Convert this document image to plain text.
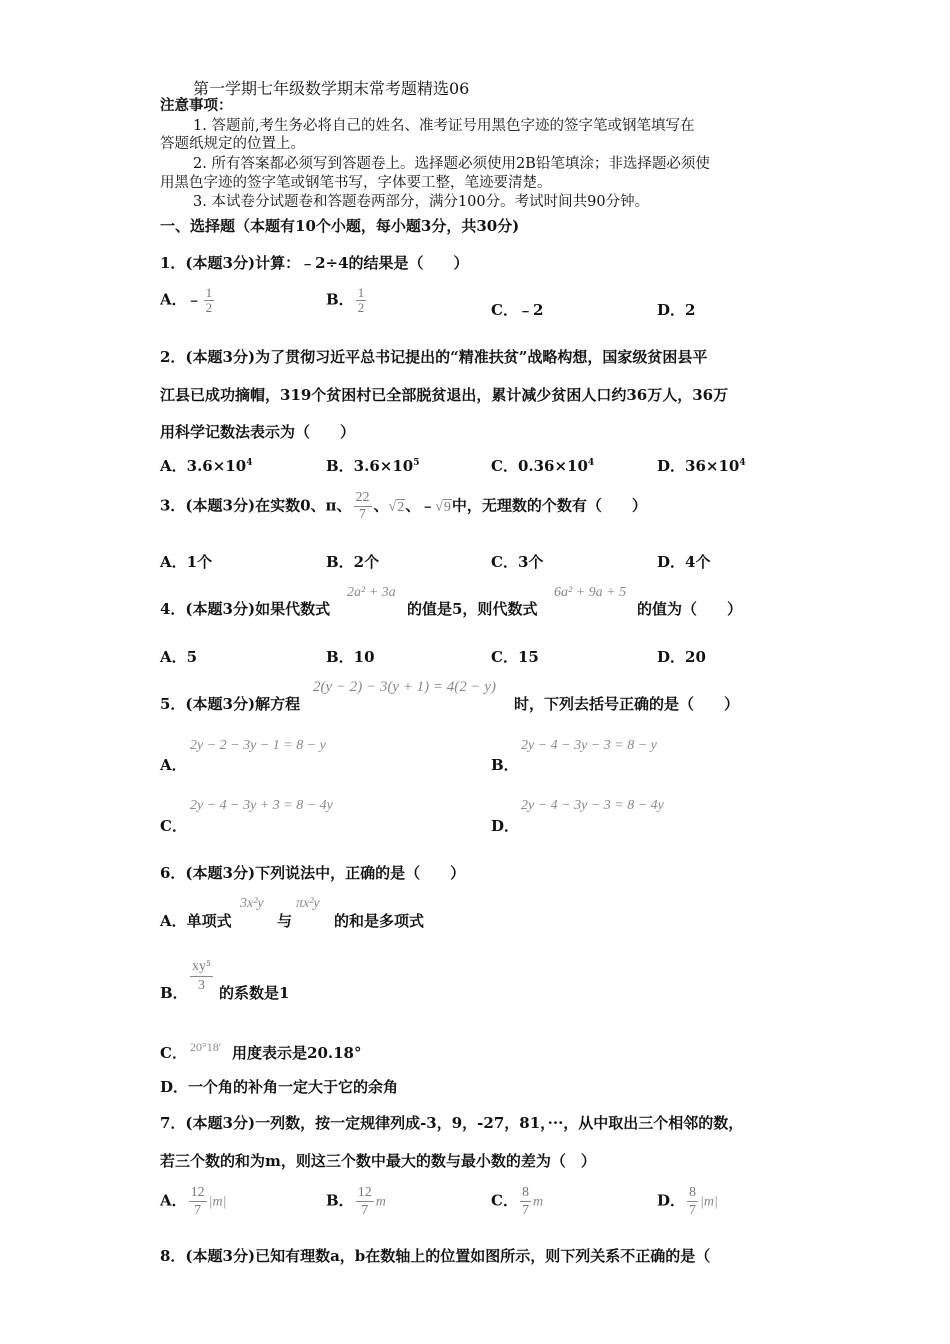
第一学期七年级数学期末常考题精选06
注意事项：
1. 答题前,考生务必将自己的姓名、准考证号用黑色字迹的签字笔或钢笔填写在
答题纸规定的位置上。
2. 所有答案都必须写到答题卷上。选择题必须使用2B铅笔填涂；非选择题必须使
用黑色字迹的签字笔或钢笔书写，字体要工整，笔迹要清楚。
3. 本试卷分试题卷和答题卷两部分，满分100分。考试时间共90分钟。
一、选择题（本题有10个小题，每小题3分，共30分)
1．(本题3分)计算：﹣2÷4的结果是（　　）
A．﹣ $\frac{1}{2}$	B． $\frac{1}{2}$	C．﹣2	D．2
2．(本题3分)为了贯彻习近平总书记提出的“精准扶贫”战略构想，国家级贫困县平
江县已成功摘帽，319个贫困村已全部脱贫退出，累计减少贫困人口约36万人，36万
用科学记数法表示为（　　）
A．$3.6\times 10^4$	B．$3.6\times 10^5$	C．$0.36\times 10^4$	D．$36\times 10^4$
3．(本题3分)在实数0、π、 $\frac{22}{7}$ 、√2、﹣√9中，无理数的个数有（　　）
A．1个	B．2个	C．3个	D．4个
4．(本题3分)如果代数式
2a² + 3a
的值是5，则代数式
6a² + 9a + 5
的值为（　　）
A．5	B．10	C．15	D．20
5．(本题3分)解方程
2(y − 2) − 3(y + 1) = 4(2 − y)
时，下列去括号正确的是（　　）
A．
2y − 2 − 3y − 1 = 8 − y
B．
2y − 4 − 3y − 3 = 8 − y
C．
2y − 4 − 3y + 3 = 8 − 4y
D．
2y − 4 − 3y − 3 = 8 − 4y
6．(本题3分)下列说法中，正确的是（　　）
A．单项式
3x²y
与
πx²y
的和是多项式
B． $\frac{\text{xy⁵}}{3}$ 的系数是1
C． 20°18′ 用度表示是20.18°
D．一个角的补角一定大于它的余角
7．(本题3分)一列数，按一定规律列成-3，9，-27，81，···，从中取出三个相邻的数，
若三个数的和为m，则这三个数中最大的数与最小数的差为（　）
A． $\frac{12}{7} |m|$	B． $\frac{12}{7}$ m	C． $\frac{8}{7}$ m	D． $\frac{8}{7} |m|$
8．(本题3分)已知有理数a，b在数轴上的位置如图所示，则下列关系不正确的是（
